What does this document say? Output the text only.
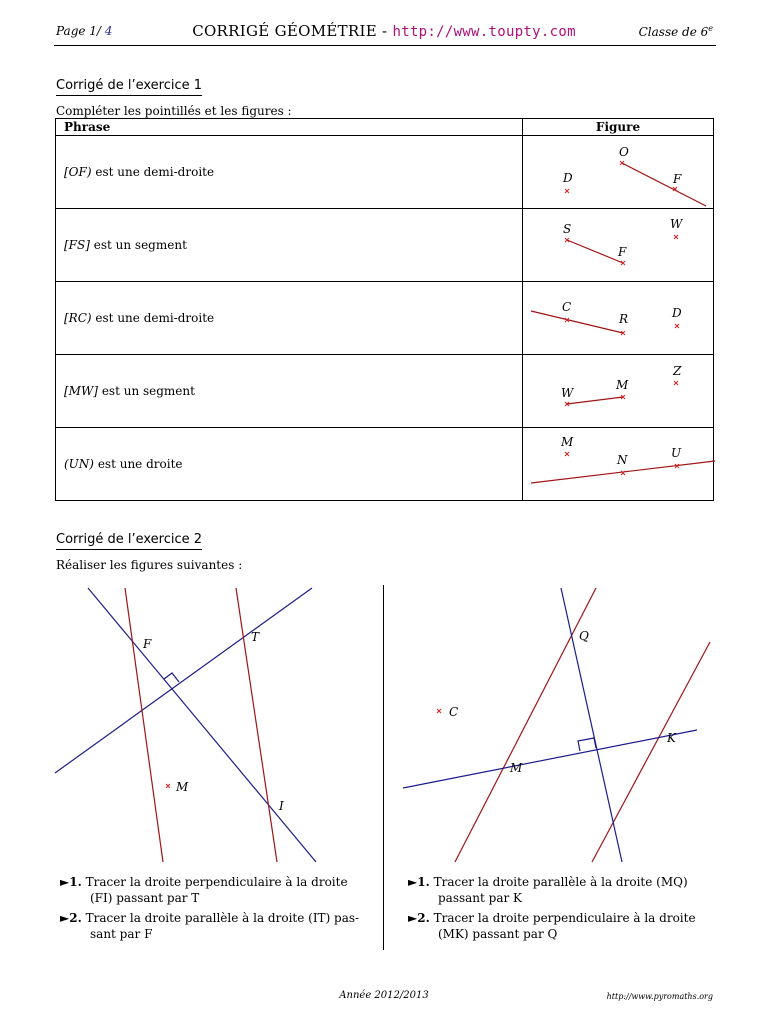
Page 1/ 4	CORRIGÉ GÉOMÉTRIE - http://www.toupty.com	Classe de 6e
Corrigé de l’exercice 1
Compléter les pointillés et les figures :
Phrase	Figure
[OF) est une demi-droite	O
D F

[FS] est un segment	S W
F

[RC) est une demi-droite	C D
R

[MW] est un segment	Z
M
W

(UN) est une droite	M
U
N
Corrigé de l’exercice 2
Réaliser les figures suivantes :
F	T
M
I
Q
C
K
M
►1. Tracer la droite perpendiculaire à la droite
(FI) passant par T
►2. Tracer la droite parallèle à la droite (IT) pas-
sant par F
►1. Tracer la droite parallèle à la droite (MQ)
passant par K
►2. Tracer la droite perpendiculaire à la droite
(MK) passant par Q
Année 2012/2013	http://www.pyromaths.org
